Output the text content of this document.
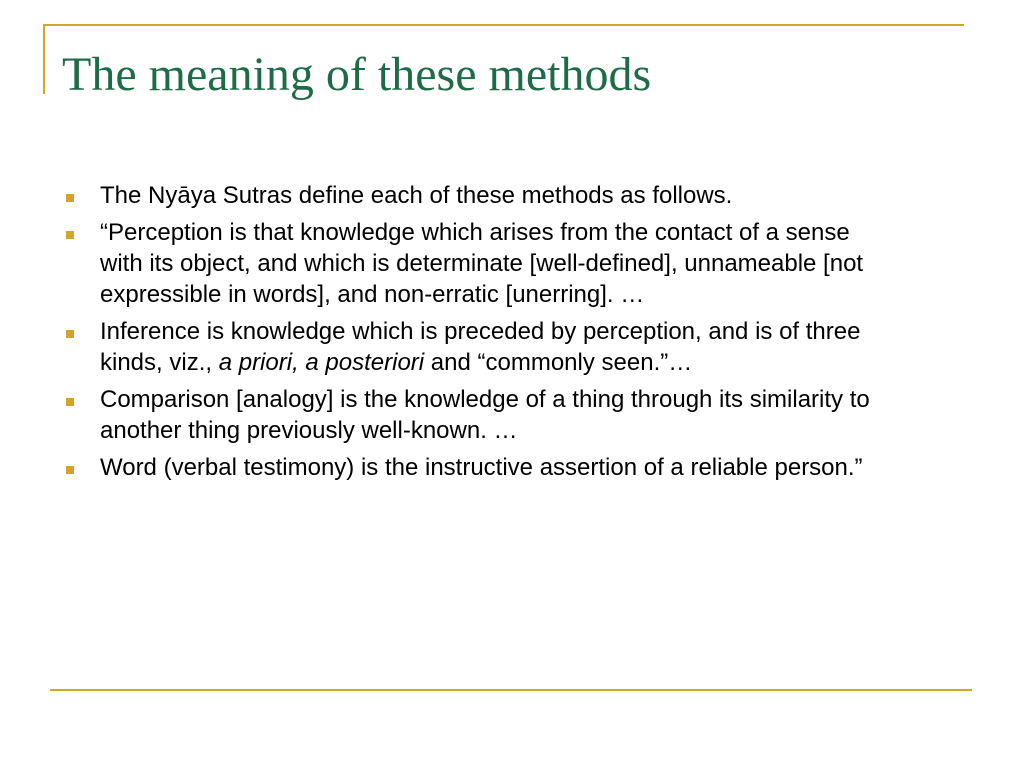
The meaning of these methods
The Nyāya Sutras define each of these methods as follows.
“Perception is that knowledge which arises from the contact of a sense with its object, and which is determinate [well-defined], unnameable [not expressible in words], and non-erratic [unerring]. …
Inference is knowledge which is preceded by perception, and is of three kinds, viz., a priori, a posteriori and “commonly seen.”…
Comparison [analogy] is the knowledge of a thing through its similarity to another thing previously well-known. …
Word (verbal testimony) is the instructive assertion of a reliable person.”
